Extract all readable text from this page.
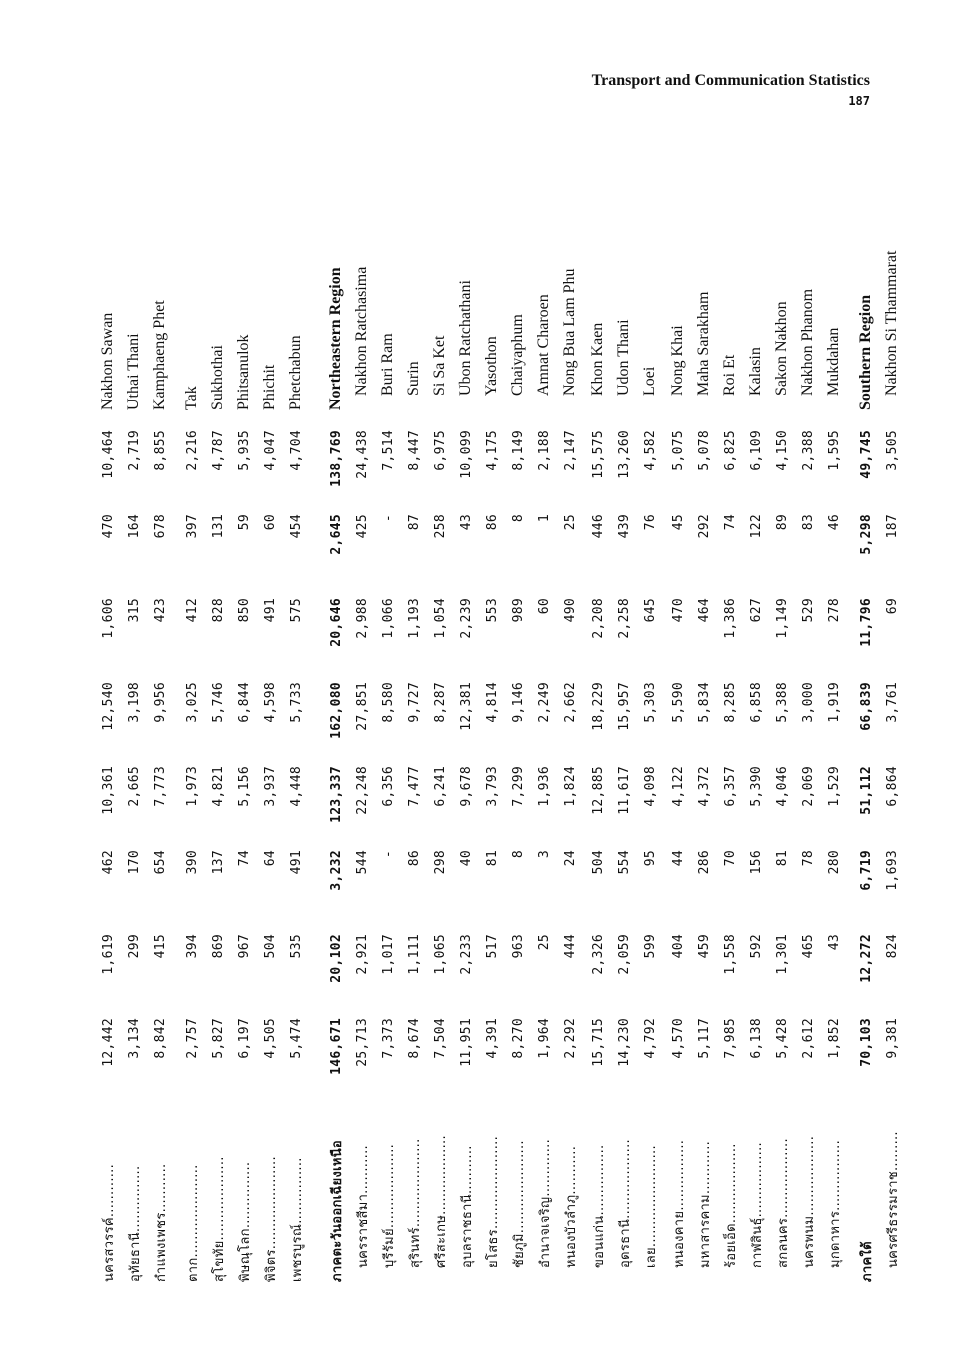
Transport and Communication Statistics
187
นครสวรรค์............
12,442
1,619
462
10,361
12,540
1,606
470
10,464
Nakhon Sawan
อุทัยธานี...............
3,134
299
170
2,665
3,198
315
164
2,719
Uthai Thani
กำแพงเพชร...........
8,842
415
654
7,773
9,956
423
678
8,855
Kamphaeng Phet
ตาก.....................
2,757
394
390
1,973
3,025
412
397
2,216
Tak
สุโขทัย...................
5,827
869
137
4,821
5,746
828
131
4,787
Sukhothai
พิษณุโลก...............
6,197
967
74
5,156
6,844
850
59
5,935
Phitsanulok
พิจิตร.....................
4,505
504
64
3,937
4,598
491
60
4,047
Phichit
เพชรบูรณ์...............
5,474
535
491
4,448
5,733
575
454
4,704
Phetchabun
ภาคตะวันออกเฉียงเหนือ
146,671
20,102
3,232
123,337
162,080
20,646
2,645
138,769
Northeastern Region
นครราชสีมา...........
25,713
2,921
544
22,248
27,851
2,988
425
24,438
Nakhon Ratchasima
บุรีรัมย์...................
7,373
1,017
-
6,356
8,580
1,066
-
7,514
Buri Ram
สุรินทร์....................
8,674
1,111
86
7,477
9,727
1,193
87
8,447
Surin
ศรีสะเกษ..................
7,504
1,065
298
6,241
8,287
1,054
258
6,975
Si Sa Ket
อุบลราชธานี...........
11,951
2,233
40
9,678
12,381
2,239
43
10,099
Ubon Ratchathani
ยโสธร.....................
4,391
517
81
3,793
4,814
553
86
4,175
Yasothon
ชัยภูมิ.....................
8,270
963
8
7,299
9,146
989
8
8,149
Chaiyaphum
อำนาจเจริญ.............
1,964
25
3
1,936
2,249
60
1
2,188
Amnat Charoen
หนองบัวลำภู...........
2,292
444
24
1,824
2,662
490
25
2,147
Nong Bua Lam Phu
ขอนแก่น................
15,715
2,326
504
12,885
18,229
2,208
446
15,575
Khon Kaen
อุดรธานี..................
14,230
2,059
554
11,617
15,957
2,258
439
13,260
Udon Thani
เลย.......................
4,792
599
95
4,098
5,303
645
76
4,582
Loei
หนองคาย................
4,570
404
44
4,122
5,590
470
45
5,075
Nong Khai
มหาสารคาม............
5,117
459
286
4,372
5,834
464
292
5,078
Maha Sarakham
ร้อยเอ็ด..................
7,985
1,558
70
6,357
8,285
1,386
74
6,825
Roi Et
กาฬสินธุ์.................
6,138
592
156
5,390
6,858
627
122
6,109
Kalasin
สกลนคร..................
5,428
1,301
81
4,046
5,388
1,149
89
4,150
Sakon Nakhon
นครพนม..................
2,612
465
78
2,069
3,000
529
83
2,388
Nakhon Phanom
มุกดาหาร................
1,852
43
280
1,529
1,919
278
46
1,595
Mukdahan
ภาคใต้
70,103
12,272
6,719
51,112
66,839
11,796
5,298
49,745
Southern Region
นครศรีธรรมราช.........
9,381
824
1,693
6,864
3,761
69
187
3,505
Nakhon Si Thammarat
